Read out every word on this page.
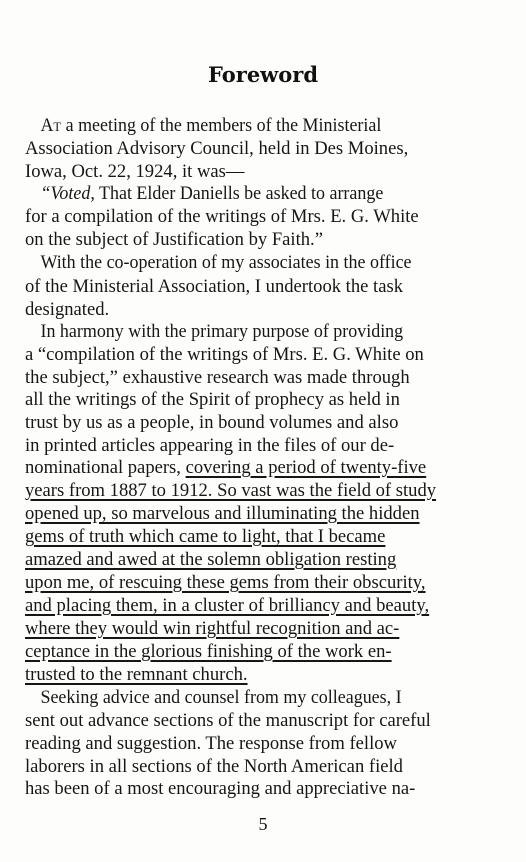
Foreword
At a meeting of the members of the Ministerial
Association Advisory Council, held in Des Moines,
Iowa, Oct. 22, 1924, it was—
“Voted, That Elder Daniells be asked to arrange
for a compilation of the writings of Mrs. E. G. White
on the subject of Justification by Faith.”
With the co-operation of my associates in the office
of the Ministerial Association, I undertook the task
designated.
In harmony with the primary purpose of providing
a “compilation of the writings of Mrs. E. G. White on
the subject,” exhaustive research was made through
all the writings of the Spirit of prophecy as held in
trust by us as a people, in bound volumes and also
in printed articles appearing in the files of our de-
nominational papers, covering a period of twenty-five
years from 1887 to 1912. So vast was the field of study
opened up, so marvelous and illuminating the hidden
gems of truth which came to light, that I became
amazed and awed at the solemn obligation resting
upon me, of rescuing these gems from their obscurity,
and placing them, in a cluster of brilliancy and beauty,
where they would win rightful recognition and ac-
ceptance in the glorious finishing of the work en-
trusted to the remnant church.
Seeking advice and counsel from my colleagues, I
sent out advance sections of the manuscript for careful
reading and suggestion. The response from fellow
laborers in all sections of the North American field
has been of a most encouraging and appreciative na-
5
